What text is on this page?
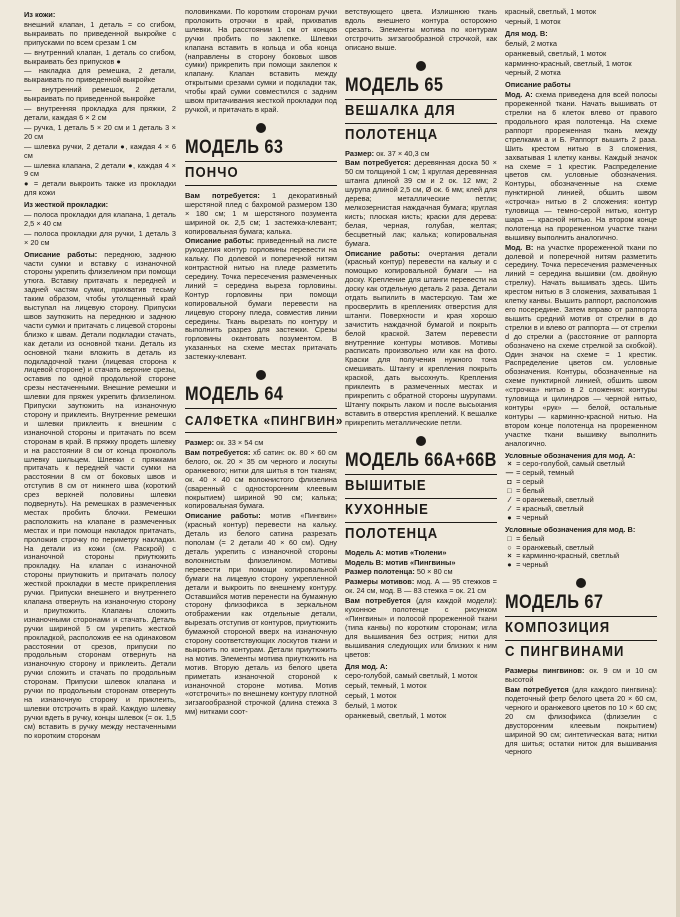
Из кожи:

внешний клапан, 1 деталь = со сгибом, выкраивать по приведенной выкройке с припусками по всем срезам 1 см

— внутренний клапан, 1 деталь со сгибом, выкраивать без припусков ●

— накладка для ремешка, 2 детали, выкраивать по приведенной выкройке

— внутренний ремешок, 2 детали, выкраивать по приведенной выкройке

— внутренняя прокладка для пряжки, 2 детали, каждая 6 × 2 см

— ручка, 1 деталь 5 × 20 см и 1 деталь 3 × 20 см

— шлевка ручки, 2 детали ●, каждая 4 × 6 см

— шлевка клапана, 2 детали ●, каждая 4 × 9 см

● = детали выкроить также из прокладки для кожи

Из жесткой прокладки:

— полоса прокладки для клапана, 1 деталь 2,5 × 40 см

— полоса прокладки для ручки, 1 деталь 3 × 20 см

Описание работы: переднюю, заднюю части сумки и вставку с изнаночной стороны укрепить флизелином при помощи утюга. Вставку притачать к передней и задней частям сумки, прихватив тесьму таким образом, чтобы утолщенный край выступал на лицевую сторону. Припуски швов заутюжить на переднюю и заднюю части сумки и притачать с лицевой стороны близко к швам. Детали подкладки стачать, как детали из основной ткани. Деталь из основной ткани вложить в деталь из подкладочной ткани (лицевая сторона к лицевой стороне) и стачать верхние срезы, оставив по одной продольной стороне срезы нестаченными. Внешние ремешки и шлевки для пряжек укрепить флизелином. Припуски заутюжить на изнаночную сторону и приклеить. Внутренние ремешки и шлевки приклеить к внешним с изнаночной стороны и притачать по всем сторонам в край. В пряжку продеть шлевку и на расстоянии 8 см от конца прокололь шлевку шильцем. Шлевки с пряжками притачать к передней части сумки на расстоянии 8 см от боковых швов и отступив 8 см от нижнего шва (короткий срез верхней половины шлевки подвернуть). На ремешках в размеченных местах пробить блочки. Ремешки расположить на клапане в размеченных местах и при помощи накладок притачать, проложив строчку по периметру накладки. На детали из кожи (см. Раскрой) с изнаночной стороны приутюжить прокладку. На клапан с изнаночной стороны приутюжить и притачать полосу жесткой прокладки в месте прикрепления ручки. Припуски внешнего и внутреннего клапана отвернуть на изнаночную сторону и приутюжить. Клапаны сложить изнаночными сторонами и стачать. Деталь ручки шириной 5 см укрепить жесткой прокладкой, расположив ее на одинаковом расстоянии от срезов, припуски по продольным сторонам отвернуть на изнаночную сторону и приклеить. Детали ручки сложить и стачать по продольным сторонам. Припуски шлевок клапана и ручки по продольным сторонам отвернуть на изнаночную сторону и приклеить, шлевки отстрочить в край. Каждую шлевку ручки вдеть в ручку, концы шлевок (= ок. 1,5 см) вставить в ручку между нестаченными по коротким сторонам

половинками. По коротким сторонам ручки проложить отрочки в край, прихватив шлевки. На расстоянии 1 см от концов ручки пробить по заклепке. Шлевки клапана вставить в кольца и оба конца (направлены в сторону боковых швов сумки) прикрепить при помощи заклепок к клапану. Клапан вставить между открытыми срезами сумки и подкладки так, чтобы край сумки совместился с задним швом притачивания жесткой прокладки под ручкой, и притачать в край.

МОДЕЛЬ 63
ПОНЧО

Вам потребуется: 1 декоративный шерстяной плед с бахромой размером 130 × 180 см; 1 м шерстяного позумента шириной ок. 2,5 см; 1 застежка-клевант; копировальная бумага; калька.

Описание работы: приведенный на листе рукоделия контур горловины перевести на кальку. По долевой и поперечной нитям контрастной нитью на пледе разметить середину. Точка пересечения размеченных линий = середина выреза горловины. Контур горловины при помощи копировальной бумаги перевести на лицевую сторону пледа, совместив линии середины. Ткань вырезать по контуру и выполнить разрез для застежки. Срезы горловины окантовать позументом. В указанных на схеме местах притачать застежку-клевант.

МОДЕЛЬ 64
САЛФЕТКА «ПИНГВИН»

Размер: ок. 33 × 54 см

Вам потребуется: хб сатин: ок. 80 × 60 см белого, ок. 20 × 35 см черного и лоскуты оранжевого; нитки для шитья в тон тканям; ок. 40 × 40 см волокнистого флизелина (сваренный с односторонним клеевым покрытием) шириной 90 см; калька; копировальная бумага.

Описание работы: мотив «Пингвин» (красный контур) перевести на кальку. Деталь из белого сатина разрезать пополам (= 2 детали 40 × 60 см). Одну деталь укрепить с изнаночной стороны волокнистым флизелином. Мотивы перевести при помощи копировальной бумаги на лицевую сторону укрепленной детали и выкроить по внешнему контуру. Оставшийся мотив перенести на бумажную сторону флизофикса в зеркальном отображении как отдельные детали, вырезать отступив от контуров, приутюжить бумажной стороной вверх на изнаночную сторону соответствующих лоскутов ткани и выкроить по контурам. Детали приутюжить на мотив. Элементы мотива приутюжить на мотив. Вторую деталь из белого цвета приметать изнаночной стороной к изнаночной стороне мотива. Мотив «отстрочить» по внешнему контуру плотной зигзагообразной строчкой (длина стежка 3 мм) нитками соот-

ветствующего цвета. Излишнюю ткань вдоль внешнего контура осторожно срезать. Элементы мотива по контурам отстрочить зигзагообразной строчкой, как описано выше.

МОДЕЛЬ 65
ВЕШАЛКА ДЛЯ
ПОЛОТЕНЦА

Размер: ок. 37 × 40,3 см

Вам потребуется: деревянная доска 50 × 50 см толщиной 1 см; 1 круглая деревянная штанга длиной 39 см и 2 ок. 12 мм; 2 шурупа длиной 2,5 см, Ø ок. 6 мм; клей для дерева; металлические петли; мелкозернистая наждачная бумага; круглая кисть; плоская кисть; краски для дерева: белая, черная, голубая, желтая; бесцветный лак; калька; копировальная бумага.

Описание работы: очертания детали (красный контур) перевести на кальку и с помощью копировальной бумаги — на доску. Крепление для штанги перевести на доску как отдельную деталь 2 раза. Детали отдать выпилить в мастерскую. Там же просверлить в креплениях отверстия для штанги. Поверхности и края хорошо зачистить наждачной бумагой и покрыть белой краской. Затем перевести внутренние контуры мотивов. Мотивы расписать произвольно или как на фото. Краски для получения нужного тона смешивать. Штангу и крепления покрыть краской, дать высохнуть. Крепления приклеить в размеченных местах и прикрепить с обратной стороны шурупами. Штангу покрыть лаком и после высыхания вставить в отверстия креплений. К вешалке прикрепить металлические петли.

МОДЕЛЬ 66A+66B
ВЫШИТЫЕ
КУХОННЫЕ
ПОЛОТЕНЦА

Модель А: мотив «Тюлени»

Модель В: мотив «Пингвины»

Размер полотенца: 50 × 80 см

Размеры мотивов: мод. А — 95 стежков = ок. 24 см, мод. В — 83 стежка = ок. 21 см

Вам потребуется (для каждой модели): кухонное полотенце с рисунком «Пингвины» и полосой прореженной ткани (типа канвы) по коротким сторонам; игла для вышивания без острия; нитки для вышивания следующих или близких к ним цветов:

Для мод. А:

серо-голубой, самый светлый, 1 моток

серый, темный, 1 моток

серый, 1 моток

белый, 1 моток

оранжевый, светлый, 1 моток

красный, светлый, 1 моток

черный, 1 моток

Для мод. В:

белый, 2 мотка

оранжевый, светлый, 1 моток

карминно-красный, светлый, 1 моток

черный, 2 мотка

Описание работы

Мод. А: схема приведена для всей полосы прореженной ткани. Начать вышивать от стрелки на 6 клеток влево от правого продольного края полотенца. На схеме раппорт прореженная ткань между стрелками а и Б. Раппорт вышить 2 раза. Шить крестом нитью в 3 сложения, захватывая 1 клетку канвы. Каждый значок на схеме = 1 крестик. Распределение цветов см. условные обозначения. Контуры, обозначенные на схеме пунктирной линией, обшить швом «строчка» нитью в 2 сложения: контур туловища — темно-серой нитью, контур шара — красной нитью. На втором конце полотенца на прореженном участке ткани вышивку выполнить аналогично.

Мод. В: на участке прореженной ткани по долевой и поперечной нитям разметить середину. Точка пересечения размеченных линий = середина вышивки (см. двойную стрелку). Начать вышивать здесь. Шить крестом нитью в 3 сложения, захватывая 1 клетку канвы. Вышить раппорт, расположив его посередине. Затем вправо от раппорта вышить средний мотив от стрелки в до стрелки в и влево от раппорта — от стрелки d до стрелки а (расстояние от раппорта обозначено на схеме стрелкой за скобкой). Один значок на схеме = 1 крестик. Распределение цветов см. условные обозначения. Контуры, обозначенные на схеме пунктирной линией, обшить швом «строчка» нитью в 2 сложения: контуры туловища и цилиндров — черной нитью, контуры «рук» — белой, остальные контуры — карминно-красной нитью. На втором конце полотенца на прореженном участке ткани вышивку выполнить аналогично.

Условные обозначения для мод. А:

× = серо-голубой, самый светлый

— = серый, темный

◘ = серый

□ = белый

∕ = оранжевый, светлый

⁄ = красный, светлый

● = черный

Условные обозначения для мод. В:

□ = белый

○ = оранжевый, светлый

× = карминно-красный, светлый

● = черный

МОДЕЛЬ 67
КОМПОЗИЦИЯ
С ПИНГВИНАМИ

Размеры пингвинов: ок. 9 см и 10 см высотой

Вам потребуется (для каждого пингвина): подеточный фетр белого цвета 20 × 60 см, черного и оранжевого цветов по 10 × 60 см; 20 см флизофикса (флизелин с двусторонним клеевым покрытием) шириной 90 см; синтетическая вата; нитки для шитья; остатки ниток для вышивания черного
